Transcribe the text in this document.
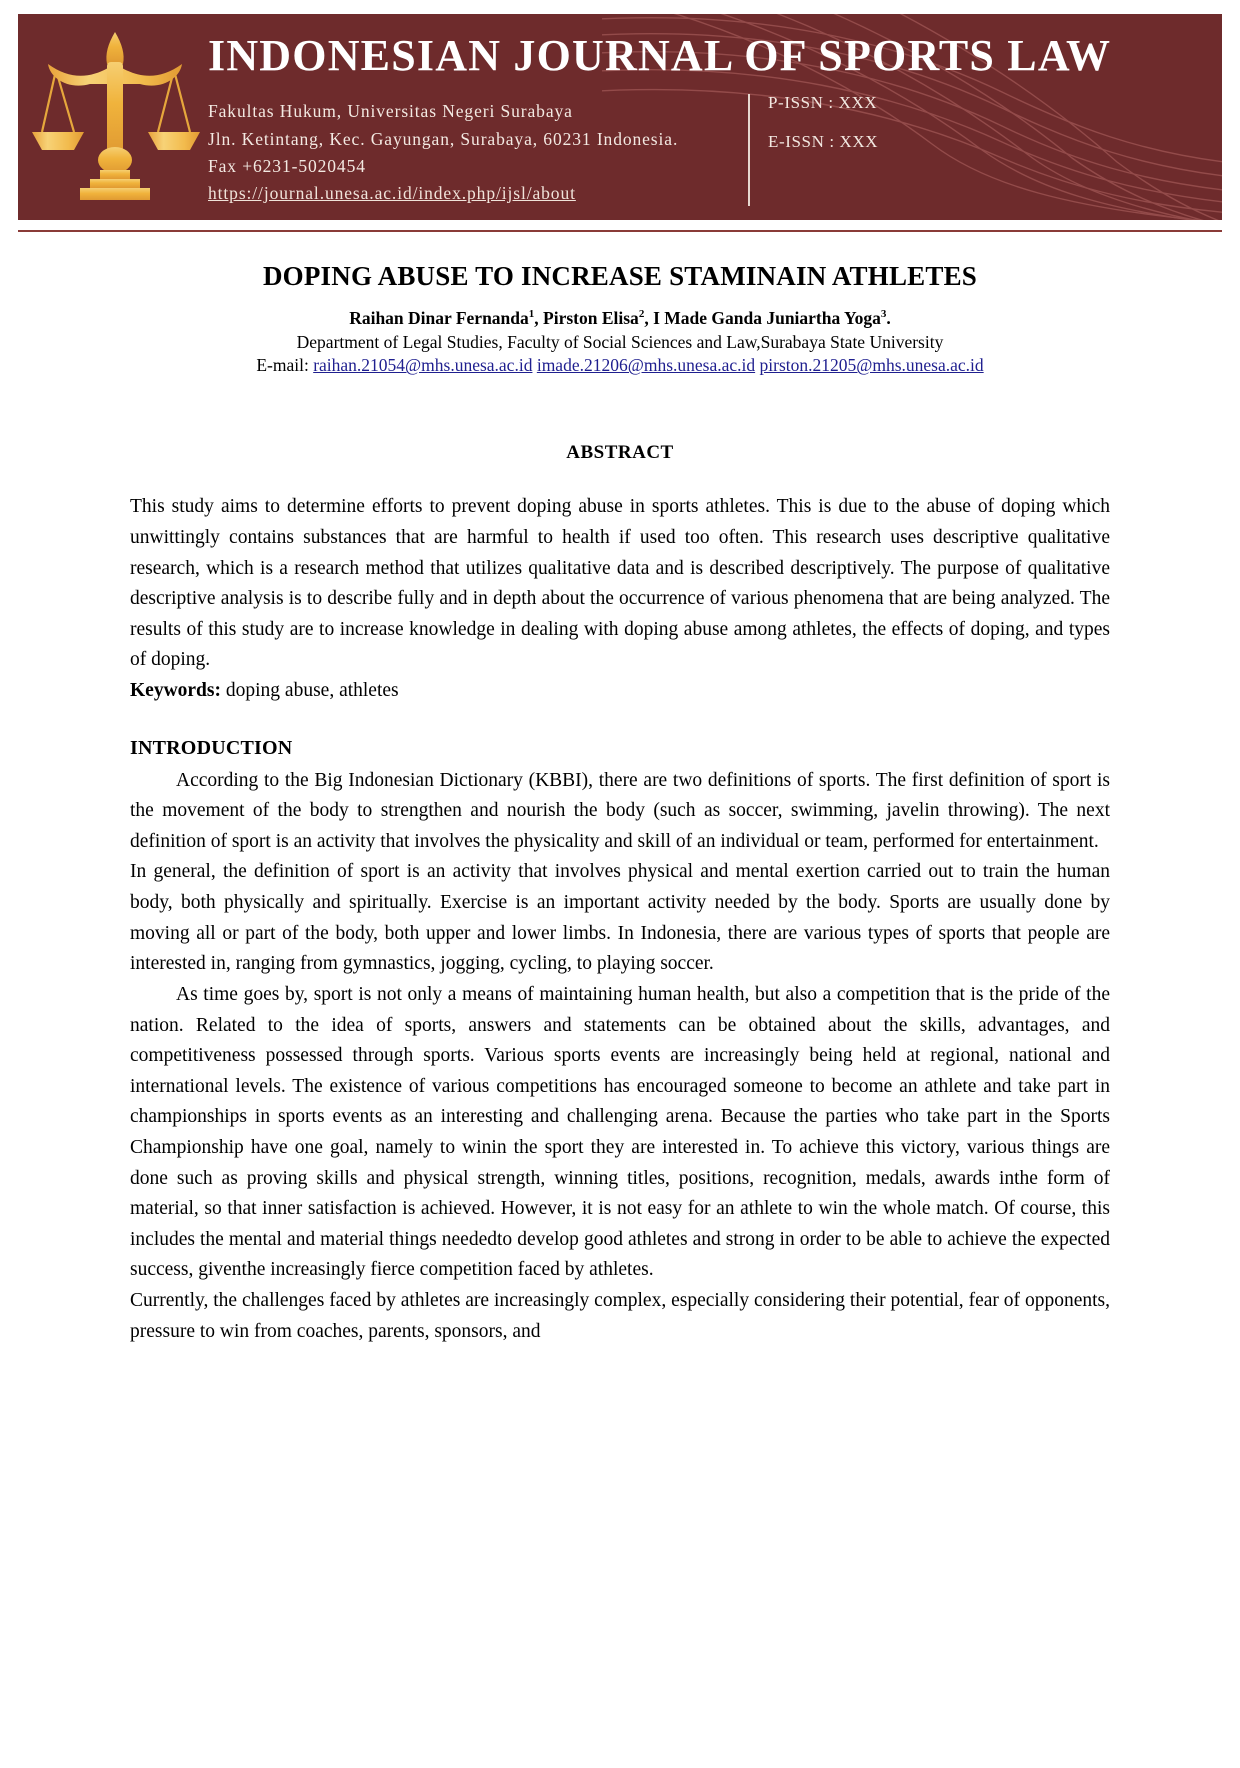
INDONESIAN JOURNAL OF SPORTS LAW
Fakultas Hukum, Universitas Negeri Surabaya
Jln. Ketintang, Kec. Gayungan, Surabaya, 60231 Indonesia.
Fax +6231-5020454
https://journal.unesa.ac.id/index.php/ijsl/about
P-ISSN : XXX
E-ISSN : XXX
DOPING ABUSE TO INCREASE STAMINAIN ATHLETES
Raihan Dinar Fernanda$^1$, Pirston Elisa$^2$, I Made Ganda Juniartha Yoga$^3$.
Department of Legal Studies, Faculty of Social Sciences and Law,Surabaya State University
E-mail: raihan.21054@mhs.unesa.ac.id imade.21206@mhs.unesa.ac.id pirston.21205@mhs.unesa.ac.id
ABSTRACT

This study aims to determine efforts to prevent doping abuse in sports athletes. This is due to the abuse of doping which unwittingly contains substances that are harmful to health if used too often. This research uses descriptive qualitative research, which is a research method that utilizes qualitative data and is described descriptively. The purpose of qualitative descriptive analysis is to describe fully and in depth about the occurrence of various phenomena that are being analyzed. The results of this study are to increase knowledge in dealing with doping abuse among athletes, the effects of doping, and types of doping.

Keywords: doping abuse, athletes

INTRODUCTION

According to the Big Indonesian Dictionary (KBBI), there are two definitions of sports. The first definition of sport is the movement of the body to strengthen and nourish the body (such as soccer, swimming, javelin throwing). The next definition of sport is an activity that involves the physicality and skill of an individual or team, performed for entertainment.

In general, the definition of sport is an activity that involves physical and mental exertion carried out to train the human body, both physically and spiritually. Exercise is an important activity needed by the body. Sports are usually done by moving all or part of the body, both upper and lower limbs. In Indonesia, there are various types of sports that people are interested in, ranging from gymnastics, jogging, cycling, to playing soccer.

As time goes by, sport is not only a means of maintaining human health, but also a competition that is the pride of the nation. Related to the idea of sports, answers and statements can be obtained about the skills, advantages, and competitiveness possessed through sports. Various sports events are increasingly being held at regional, national and international levels. The existence of various competitions has encouraged someone to become an athlete and take part in championships in sports events as an interesting and challenging arena. Because the parties who take part in the Sports Championship have one goal, namely to winin the sport they are interested in. To achieve this victory, various things are done such as proving skills and physical strength, winning titles, positions, recognition, medals, awards inthe form of material, so that inner satisfaction is achieved. However, it is not easy for an athlete to win the whole match. Of course, this includes the mental and material things neededto develop good athletes and strong in order to be able to achieve the expected success, giventhe increasingly fierce competition faced by athletes.

Currently, the challenges faced by athletes are increasingly complex, especially considering their potential, fear of opponents, pressure to win from coaches, parents, sponsors, and
